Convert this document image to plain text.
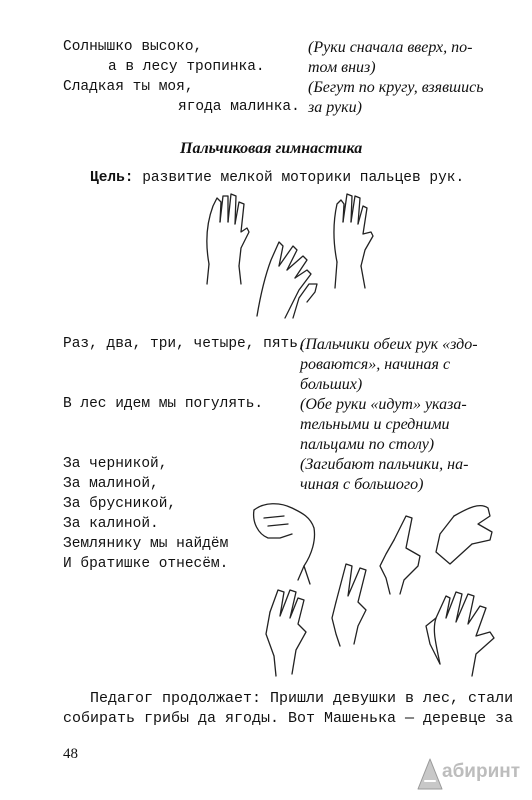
Солнышко высоко,
а в лесу тропинка.
Сладкая ты моя,
ягода малинка.
(Руки сначала вверх, по-
том вниз)
(Бегут по кругу, взявшись
за руки)
Пальчиковая гимнастика
Цель: развитие мелкой моторики пальцев рук.
Раз, два, три, четыре, пять,
В лес идем мы погулять.
За черникой,
За малиной,
За брусникой,
За калиной.
Землянику мы найдём
И братишке отнесём.
(Пальчики обеих рук «здо-
роваются», начиная с
больших)
(Обе руки «идут» указа-
тельными и средними
пальцами по столу)
(Загибают пальчики, на-
чиная с большого)
Педагог продолжает: Пришли девушки в лес, стали
собирать грибы да ягоды. Вот Машенька — деревце за
48
абиринт
